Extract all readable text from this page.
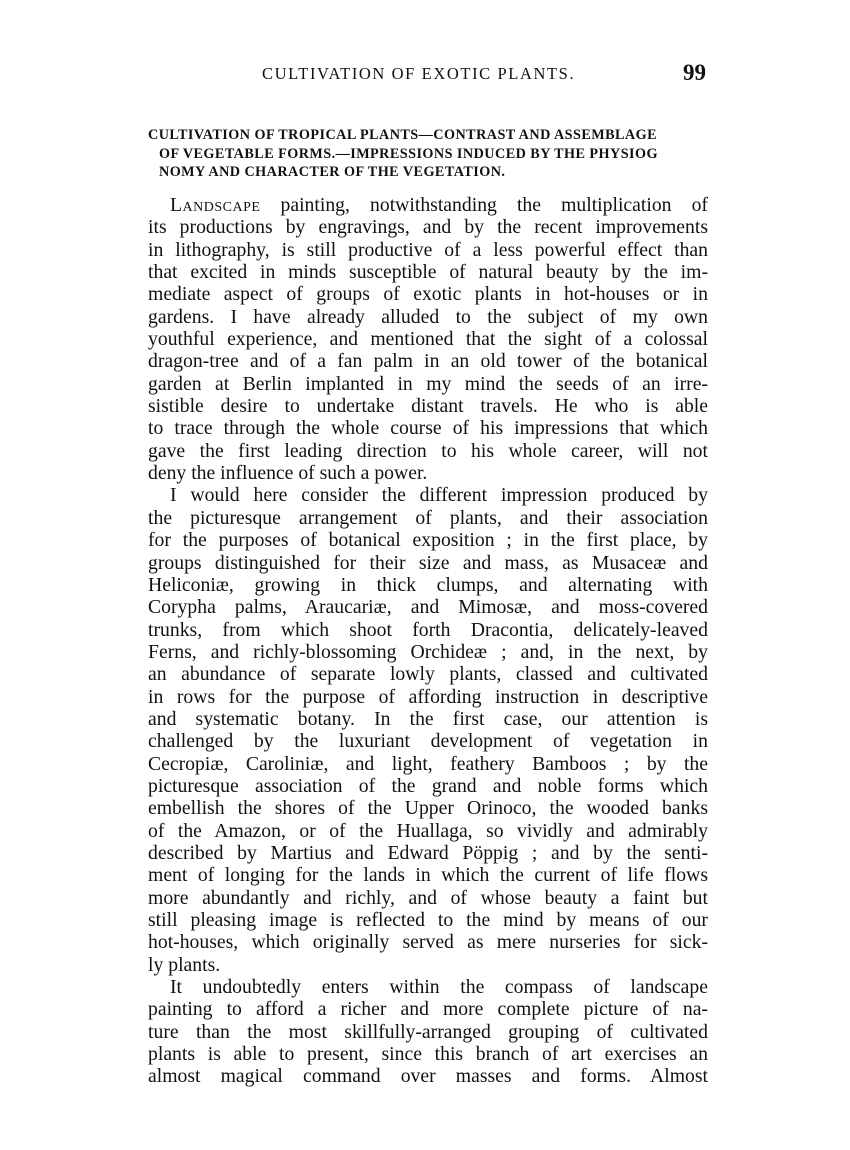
CULTIVATION OF EXOTIC PLANTS.	99
CULTIVATION OF TROPICAL PLANTS—CONTRAST AND ASSEMBLAGE
OF VEGETABLE FORMS.—IMPRESSIONS INDUCED BY THE PHYSIOG
NOMY AND CHARACTER OF THE VEGETATION.
Landscape painting, notwithstanding the multiplication of
its productions by engravings, and by the recent improvements
in lithography, is still productive of a less powerful effect than
that excited in minds susceptible of natural beauty by the im-
mediate aspect of groups of exotic plants in hot-houses or in
gardens. I have already alluded to the subject of my own
youthful experience, and mentioned that the sight of a colossal
dragon-tree and of a fan palm in an old tower of the botanical
garden at Berlin implanted in my mind the seeds of an irre-
sistible desire to undertake distant travels. He who is able
to trace through the whole course of his impressions that which
gave the first leading direction to his whole career, will not
deny the influence of such a power.
I would here consider the different impression produced by
the picturesque arrangement of plants, and their association
for the purposes of botanical exposition ; in the first place, by
groups distinguished for their size and mass, as Musaceæ and
Heliconiæ, growing in thick clumps, and alternating with
Corypha palms, Araucariæ, and Mimosæ, and moss-covered
trunks, from which shoot forth Dracontia, delicately-leaved
Ferns, and richly-blossoming Orchideæ ; and, in the next, by
an abundance of separate lowly plants, classed and cultivated
in rows for the purpose of affording instruction in descriptive
and systematic botany. In the first case, our attention is
challenged by the luxuriant development of vegetation in
Cecropiæ, Caroliniæ, and light, feathery Bamboos ; by the
picturesque association of the grand and noble forms which
embellish the shores of the Upper Orinoco, the wooded banks
of the Amazon, or of the Huallaga, so vividly and admirably
described by Martius and Edward Pöppig ; and by the senti-
ment of longing for the lands in which the current of life flows
more abundantly and richly, and of whose beauty a faint but
still pleasing image is reflected to the mind by means of our
hot-houses, which originally served as mere nurseries for sick-
ly plants.
It undoubtedly enters within the compass of landscape
painting to afford a richer and more complete picture of na-
ture than the most skillfully-arranged grouping of cultivated
plants is able to present, since this branch of art exercises an
almost magical command over masses and forms. Almost
